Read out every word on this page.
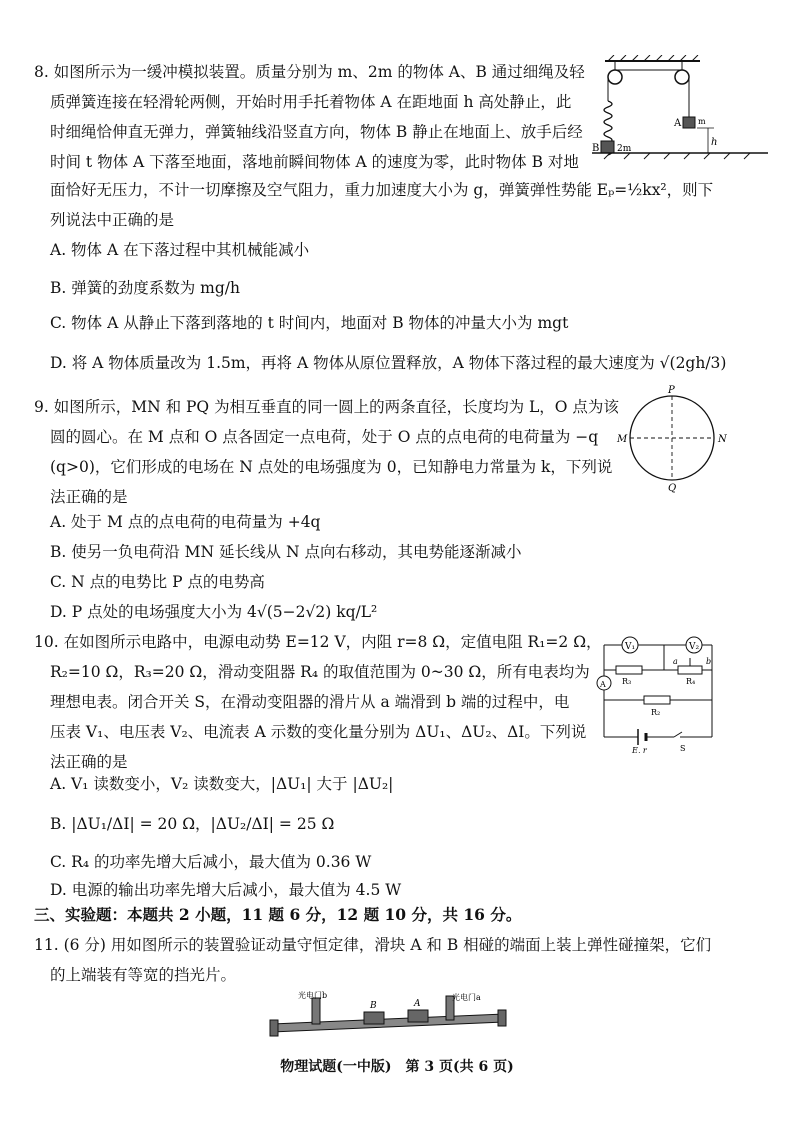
8. 如图所示为一缓冲模拟装置。质量分别为 m、2m 的物体 A、B 通过细绳及轻
质弹簧连接在轻滑轮两侧，开始时用手托着物体 A 在距地面 h 高处静止，此
时细绳恰伸直无弹力，弹簧轴线沿竖直方向，物体 B 静止在地面上、放手后经
时间 t 物体 A 下落至地面，落地前瞬间物体 A 的速度为零，此时物体 B 对地
面恰好无压力，不计一切摩擦及空气阻力，重力加速度大小为 g，弹簧弹性势能 Eₚ=½kx²，则下
列说法中正确的是
A. 物体 A 在下落过程中其机械能减小
B. 弹簧的劲度系数为 mg/h
C. 物体 A 从静止下落到落地的 t 时间内，地面对 B 物体的冲量大小为 mgt
D. 将 A 物体质量改为 1.5m，再将 A 物体从原位置释放，A 物体下落过程的最大速度为 √(2gh/3)
B 2m
A m
h
9. 如图所示，MN 和 PQ 为相互垂直的同一圆上的两条直径，长度均为 L，O 点为该
圆的圆心。在 M 点和 O 点各固定一点电荷，处于 O 点的点电荷的电荷量为 −q
(q>0)，它们形成的电场在 N 点处的电场强度为 0，已知静电力常量为 k，下列说
法正确的是
A. 处于 M 点的点电荷的电荷量为 +4q
B. 使另一负电荷沿 MN 延长线从 N 点向右移动，其电势能逐渐减小
C. N 点的电势比 P 点的电势高
D. P 点处的电场强度大小为 4√(5−2√2) kq/L²
P
M	N
Q
10. 在如图所示电路中，电源电动势 E=12 V，内阻 r=8 Ω，定值电阻 R₁=2 Ω，
R₂=10 Ω，R₃=20 Ω，滑动变阻器 R₄ 的取值范围为 0~30 Ω，所有电表均为
理想电表。闭合开关 S，在滑动变阻器的滑片从 a 端滑到 b 端的过程中，电
压表 V₁、电压表 V₂、电流表 A 示数的变化量分别为 ΔU₁、ΔU₂、ΔI。下列说
法正确的是
A. V₁ 读数变小，V₂ 读数变大，|ΔU₁| 大于 |ΔU₂|
B. |ΔU₁/ΔI| = 20 Ω，|ΔU₂/ΔI| = 25 Ω
C. R₄ 的功率先增大后减小，最大值为 0.36 W
D. 电源的输出功率先增大后减小，最大值为 4.5 W
V₁	V₂
R₃	R₄
a	b
A
R₂
E, r	S
三、实验题：本题共 2 小题，11 题 6 分，12 题 10 分，共 16 分。
11. (6 分) 用如图所示的装置验证动量守恒定律，滑块 A 和 B 相碰的端面上装上弹性碰撞架，它们
的上端装有等宽的挡光片。
光电门b
B	A
光电门a
物理试题(一中版)　第 3 页(共 6 页)
